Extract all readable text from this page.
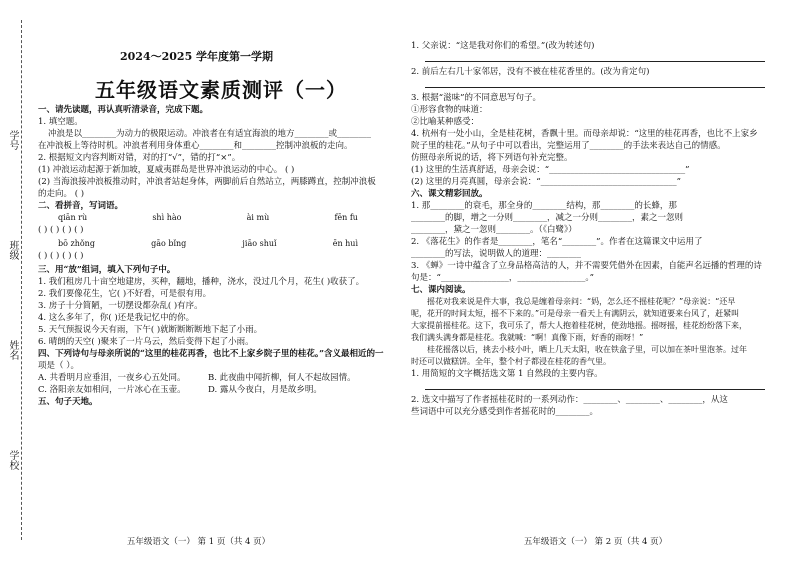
学号
班级
姓名
学校
2024～2025 学年度第一学期
五年级语文素质测评（一）
一、请先读题，再认真听清录音，完成下题。
1. 填空题。
冲浪是以________为动力的极限运动。冲浪者在有适宜海浪的地方________或________
在冲浪板上等待时机。冲浪者利用身体重心________和________控制冲浪板的走向。
2. 根据短文内容判断对错，对的打“√”，错的打“×”。
(1) 冲浪运动起源于新加坡，夏威夷群岛是世界冲浪运动的中心。 ( )
(2) 当海浪接冲浪板推动时，冲浪者站起身体，两脚前后自然站立，两膝蹲直，控制冲浪板
的走向。 ( )
二、看拼音，写词语。
qiān rù	shì hào	ài mù	fēn fu
( ) ( ) ( ) ( )
bō zhǒng	gāo bǐng	jiāo shuǐ	ēn huì
( ) ( ) ( ) ( )
三、用“放”组词，填入下列句子中。
1. 我们租房几十亩空地建房，买种，翻地，播种，浇水，没过几个月，花生( )收获了。
2. 我们要像花生，它( )不好看，可是很有用。
3. 房子十分简陋，一切摆设都杂乱( )有序。
4. 这么多年了，你( )还是我记忆中的你。
5. 天气预报说今天有雨，下午( )就断断断断地下起了小雨。
6. 晴朗的天空( )聚来了一片乌云，然后变得下起了小雨。
四、下列诗句与母亲所说的“这里的桂花再香，也比不上家乡院子里的桂花。”含义最相近的一
项是（ ）。
A. 共看明月应垂泪，一夜乡心五处同。	B. 此夜曲中闻折柳，何人不起故园情。
C. 洛阳亲友如相问，一片冰心在玉壶。	D. 露从今夜白，月是故乡明。
五、句子天地。
五年级语文（一） 第 1 页（共 4 页）
1. 父亲说：“这是我对你们的希望。”(改为转述句)
2. 前后左右几十家邻居，没有不被在桂花香里的。(改为肯定句)
3. 根据“滋味”的不同意思写句子。
①形容食物的味道：
②比喻某种感受：
4. 杭州有一处小山，全是桂花树，香飘十里。而母亲却说：“这里的桂花再香，也比不上家乡
院子里的桂花。”从句子中可以看出，完整运用了________的手法来表达自己的情感。
仿照母亲所说的话，将下列语句补充完整。
(1) 这里的生活真舒适，母亲会说：“________________________________”
(2) 这里的月亮真圆，母亲会说：“________________________________”
六、课文精彩回放。
1. 那________的衰毛，那全身的________结构，那________的长蜂，那
________的脚，增之一分则________，减之一分则________，素之一忽则
________，黛之一忽则________。（《白鹭》）
2. 《落花生》的作者是________，笔名“________”。作者在这篇课文中运用了
________的写法，说明做人的道理：________
3. 《蝉》一诗中蕴含了立身品格高洁的人，并不需要凭借外在因素，自能声名远播的哲理的诗
句是：“________________，________________。”
七、课内阅读。
摇花对我来说是件大事，我总是缠着母亲问：“妈，怎么还不摇桂花呢？”母亲说：“还早
呢，花开的时间太短，摇不下来的。”可是母亲一看天上有满阴云，就知道要来台风了，赶紧叫
大家提前摇桂花。这下，我可乐了，帮大人抱着桂花树，使劲地摇。摇呀摇，桂花纷纷落下来，
我们满头满身都是桂花。我就喊：“啊！真像下雨，好香的雨呀！”
桂花摇落以后，挑去小枝小叶，晒上几天太阳，收在铁盒子里，可以加在茶叶里泡茶。过年
时还可以做糕饼。全年，整个村子都浸在桂花的香气里。
1. 用简短的文字概括选文第 1 自然段的主要内容。
2. 选文中描写了作者摇桂花时的一系列动作：________、________、________，从这
些词语中可以充分感受到作者摇花时的________。
五年级语文（一） 第 2 页（共 4 页）
